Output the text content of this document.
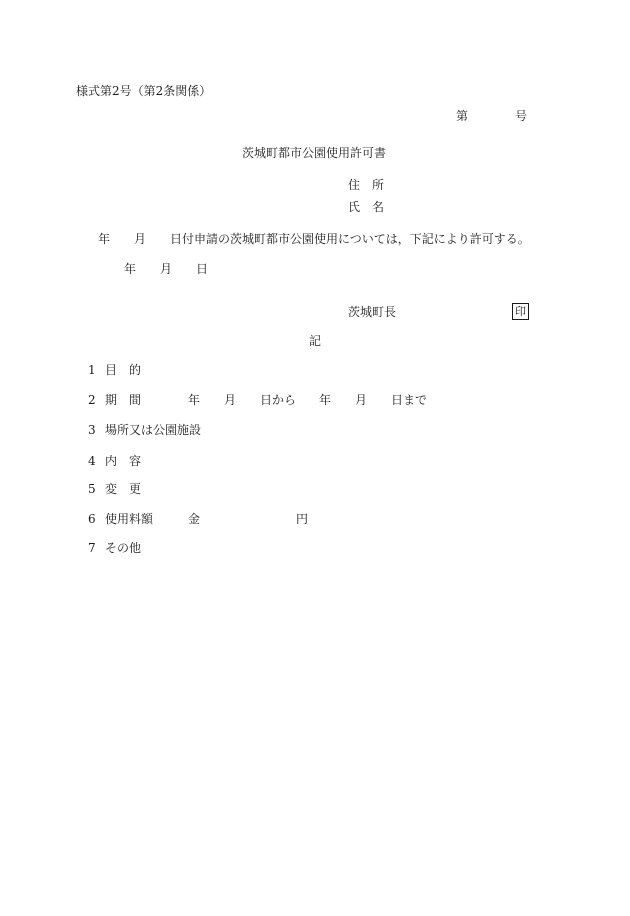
様式第2号（第2条関係）
第	号
茨城町都市公園使用許可書
住　所
氏　名
年　　月　　日付申請の茨城町都市公園使用については，下記により許可する。
年　　月　　日
茨城町長	印
記
1 目　的
2 期　間	年　　月　　日から 年　　月　　日まで
3 場所又は公園施設
4 内　容
5 変　更
6 使用料額	金	円
7 その他
